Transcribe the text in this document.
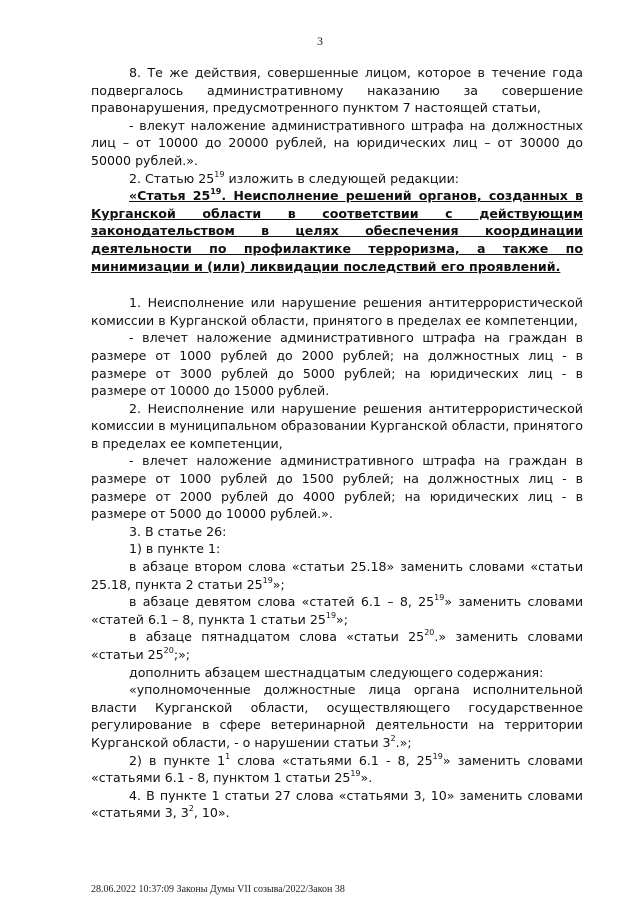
3

8. Те же действия, совершенные лицом, которое в течение года подвергалось административному наказанию за совершение правонарушения, предусмотренного пунктом 7 настоящей статьи,

- влекут наложение административного штрафа на должностных лиц – от 10000 до 20000 рублей, на юридических лиц – от 30000 до 50000 рублей.».

2. Статью $25^{19}$ изложить в следующей редакции:

«Статья $25^{19}$. Неисполнение решений органов, созданных в Курганской области в соответствии с действующим законодательством в целях обеспечения координации деятельности по профилактике терроризма, а также по минимизации и (или) ликвидации последствий его проявлений.

1. Неисполнение или нарушение решения антитеррористической комиссии в Курганской области, принятого в пределах ее компетенции,

- влечет наложение административного штрафа на граждан в размере от 1000 рублей до 2000 рублей; на должностных лиц - в размере от 3000 рублей до 5000 рублей; на юридических лиц - в размере от 10000 до 15000 рублей.

2. Неисполнение или нарушение решения антитеррористической комиссии в муниципальном образовании Курганской области, принятого в пределах ее компетенции,

- влечет наложение административного штрафа на граждан в размере от 1000 рублей до 1500 рублей; на должностных лиц - в размере от 2000 рублей до 4000 рублей; на юридических лиц - в размере от 5000 до 10000 рублей.».

3. В статье 26:

1) в пункте 1:

в абзаце втором слова «статьи 25.18» заменить словами «статьи 25.18, пункта 2 статьи $25^{19}$»;

в абзаце девятом слова «статей 6.1 – 8, $25^{19}$» заменить словами «статей 6.1 – 8, пункта 1 статьи $25^{19}$»;

в абзаце пятнадцатом слова «статьи $25^{20}$.» заменить словами «статьи $25^{20}$;»;

дополнить абзацем шестнадцатым следующего содержания:

«уполномоченные должностные лица органа исполнительной власти Курганской области, осуществляющего государственное регулирование в сфере ветеринарной деятельности на территории Курганской области, - о нарушении статьи $3^2$.»;

2) в пункте $1^1$ слова «статьями 6.1 - 8, $25^{19}$» заменить словами «статьями 6.1 - 8, пунктом 1 статьи $25^{19}$».

4. В пункте 1 статьи 27 слова «статьями 3, 10» заменить словами «статьями 3, $3^2$, 10».

28.06.2022 10:37:09 Законы Думы VII созыва/2022/Закон 38
